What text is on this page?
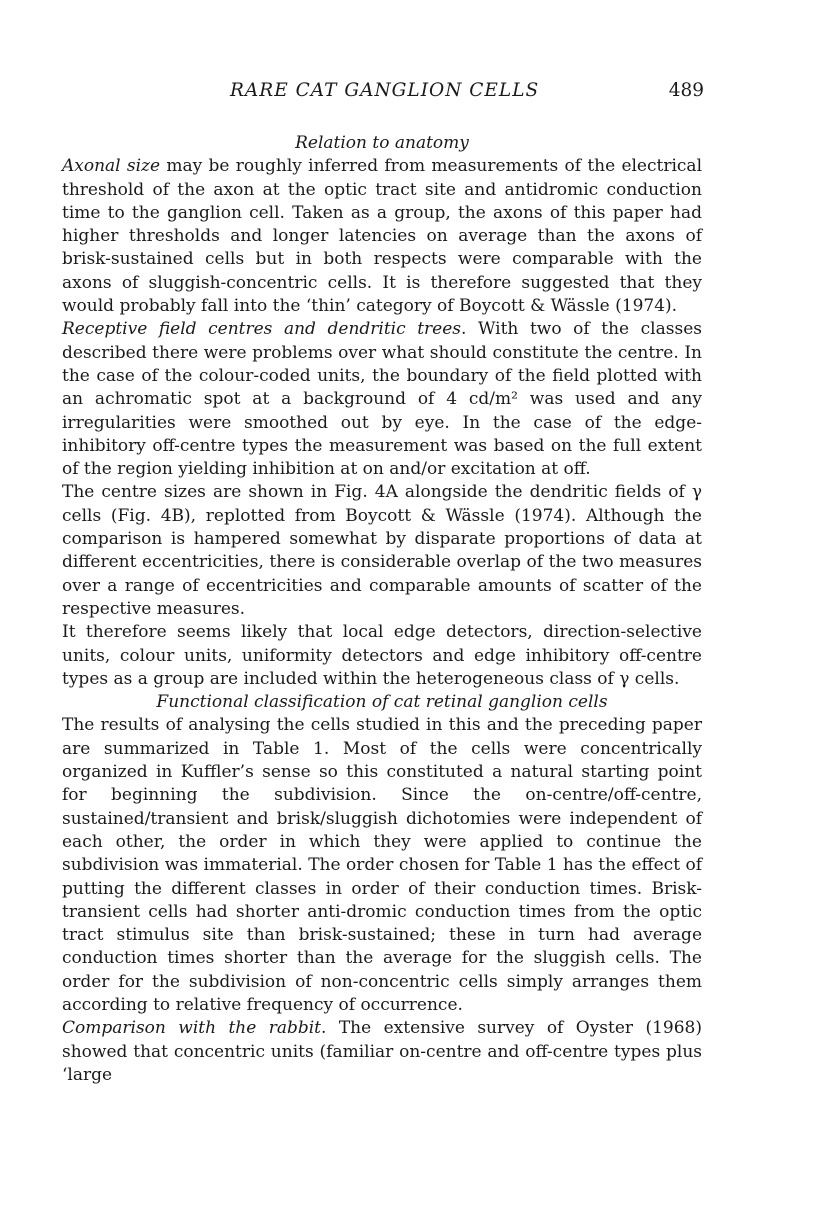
RARE CAT GANGLION CELLS	489

Relation to anatomy

Axonal size may be roughly inferred from measurements of the electrical threshold of the axon at the optic tract site and antidromic conduction time to the ganglion cell. Taken as a group, the axons of this paper had higher thresholds and longer latencies on average than the axons of brisk-sustained cells but in both respects were comparable with the axons of sluggish-concentric cells. It is therefore suggested that they would probably fall into the ‘thin’ category of Boycott & Wässle (1974).

Receptive field centres and dendritic trees. With two of the classes described there were problems over what should constitute the centre. In the case of the colour-coded units, the boundary of the field plotted with an achromatic spot at a background of 4 cd/m² was used and any irregularities were smoothed out by eye. In the case of the edge-inhibitory off-centre types the measurement was based on the full extent of the region yielding inhibition at on and/or excitation at off.

The centre sizes are shown in Fig. 4A alongside the dendritic fields of γ cells (Fig. 4B), replotted from Boycott & Wässle (1974). Although the comparison is hampered somewhat by disparate proportions of data at different eccentricities, there is considerable overlap of the two measures over a range of eccentricities and comparable amounts of scatter of the respective measures.

It therefore seems likely that local edge detectors, direction-selective units, colour units, uniformity detectors and edge inhibitory off-centre types as a group are included within the heterogeneous class of γ cells.

Functional classification of cat retinal ganglion cells

The results of analysing the cells studied in this and the preceding paper are summarized in Table 1. Most of the cells were concentrically organized in Kuffler’s sense so this constituted a natural starting point for beginning the subdivision. Since the on-centre/off-centre, sustained/transient and brisk/sluggish dichotomies were independent of each other, the order in which they were applied to continue the subdivision was immaterial. The order chosen for Table 1 has the effect of putting the different classes in order of their conduction times. Brisk-transient cells had shorter anti-dromic conduction times from the optic tract stimulus site than brisk-sustained; these in turn had average conduction times shorter than the average for the sluggish cells. The order for the subdivision of non-concentric cells simply arranges them according to relative frequency of occurrence.

Comparison with the rabbit. The extensive survey of Oyster (1968) showed that concentric units (familiar on-centre and off-centre types plus ‘large
